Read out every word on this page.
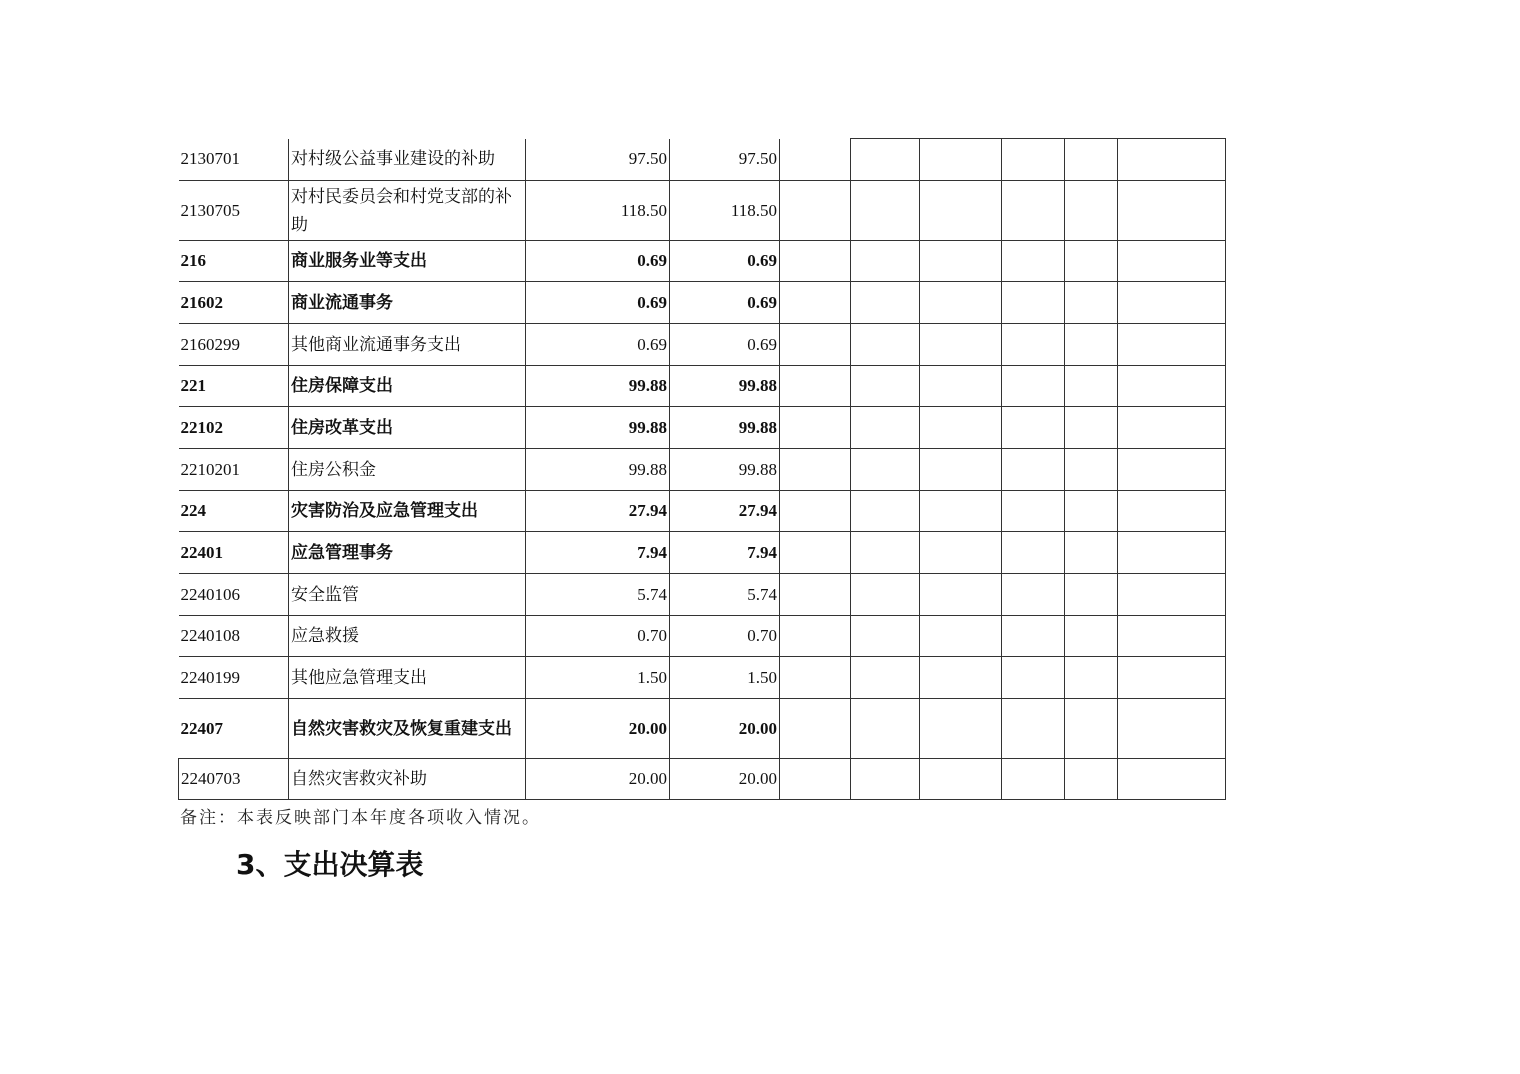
2130701	对村级公益事业建设的补助	97.50	97.50						
2130705	对村民委员会和村党支部的补助	118.50	118.50						
216	商业服务业等支出	0.69	0.69						
21602	商业流通事务	0.69	0.69						
2160299	其他商业流通事务支出	0.69	0.69						
221	住房保障支出	99.88	99.88						
22102	住房改革支出	99.88	99.88						
2210201	住房公积金	99.88	99.88						
224	灾害防治及应急管理支出	27.94	27.94						
22401	应急管理事务	7.94	7.94						
2240106	安全监管	5.74	5.74						
2240108	应急救援	0.70	0.70						
2240199	其他应急管理支出	1.50	1.50						
22407	自然灾害救灾及恢复重建支出	20.00	20.00						
2240703	自然灾害救灾补助	20.00	20.00						
备注：本表反映部门本年度各项收入情况。
3、支出决算表
